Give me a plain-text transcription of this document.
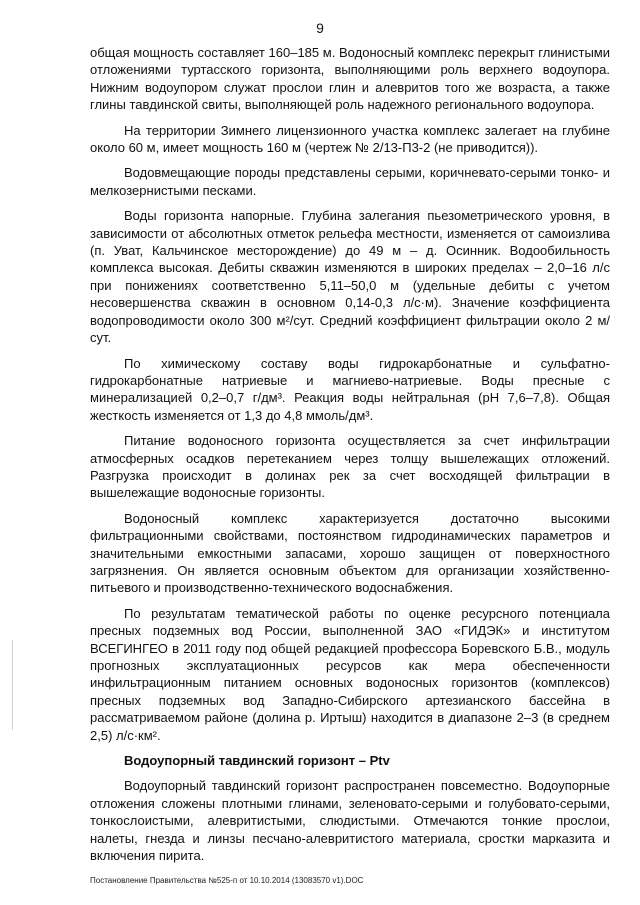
9

общая мощность составляет 160–185 м. Водоносный комплекс перекрыт глинистыми отложениями туртасского горизонта, выполняющими роль верхнего водоупора. Нижним водоупором служат прослои глин и алевритов того же возраста, а также глины тавдинской свиты, выполняющей роль надежного регионального водоупора.

На территории Зимнего лицензионного участка комплекс залегает на глубине около 60 м, имеет мощность 160 м (чертеж № 2/13-П3-2 (не приводится)).

Водовмещающие породы представлены серыми, коричневато-серыми тонко- и мелкозернистыми песками.

Воды горизонта напорные. Глубина залегания пьезометрического уровня, в зависимости от абсолютных отметок рельефа местности, изменяется от самоизлива (п. Уват, Кальчинское месторождение) до 49 м – д. Осинник. Водообильность комплекса высокая. Дебиты скважин изменяются в широких пределах – 2,0–16 л/с при понижениях соответственно 5,11–50,0 м (удельные дебиты с учетом несовершенства скважин в основном 0,14-0,3 л/с·м). Значение коэффициента водопроводимости около 300 м²/сут. Средний коэффициент фильтрации около 2 м/сут.

По химическому составу воды гидрокарбонатные и сульфатно-гидрокарбонатные натриевые и магниево-натриевые. Воды пресные с минерализацией 0,2–0,7 г/дм³. Реакция воды нейтральная (pH 7,6–7,8). Общая жесткость изменяется от 1,3 до 4,8 ммоль/дм³.

Питание водоносного горизонта осуществляется за счет инфильтрации атмосферных осадков перетеканием через толщу вышележащих отложений. Разгрузка происходит в долинах рек за счет восходящей фильтрации в вышележащие водоносные горизонты.

Водоносный комплекс характеризуется достаточно высокими фильтрационными свойствами, постоянством гидродинамических параметров и значительными емкостными запасами, хорошо защищен от поверхностного загрязнения. Он является основным объектом для организации хозяйственно-питьевого и производственно-технического водоснабжения.

По результатам тематической работы по оценке ресурсного потенциала пресных подземных вод России, выполненной ЗАО «ГИДЭК» и институтом ВСЕГИНГЕО в 2011 году под общей редакцией профессора Боревского Б.В., модуль прогнозных эксплуатационных ресурсов как мера обеспеченности инфильтрационным питанием основных водоносных горизонтов (комплексов) пресных подземных вод Западно-Сибирского артезианского бассейна в рассматриваемом районе (долина р. Иртыш) находится в диапазоне 2–3 (в среднем 2,5) л/с·км².

Водоупорный тавдинский горизонт – Ptv

Водоупорный тавдинский горизонт распространен повсеместно. Водоупорные отложения сложены плотными глинами, зеленовато-серыми и голубовато-серыми, тонкослоистыми, алевритистыми, слюдистыми. Отмечаются тонкие прослои, налеты, гнезда и линзы песчано-алевритистого материала, сростки марказита и включения пирита.

Постановление Правительства №525-п от 10.10.2014 (13083570 v1).DOC
